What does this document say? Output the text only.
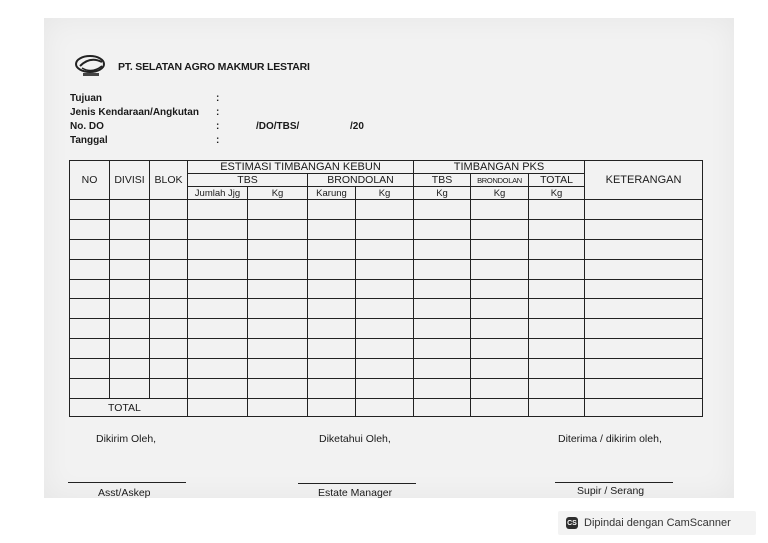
PT. SELATAN AGRO MAKMUR LESTARI
Tujuan	:
Jenis Kendaraan/Angkutan :
No. DO	:	/DO/TBS/	/20
Tanggal	:
NO	DIVISI	BLOK	ESTIMASI TIMBANGAN KEBUN				TIMBANGAN PKS			KETERANGAN
			TBS		BRONDOLAN		TBS	BRONDOLAN	TOTAL	
			Jumlah Jjg	Kg	Karung	Kg	Kg	Kg	Kg	

TOTAL										
Dikirim Oleh,	Diketahui Oleh,	Diterima / dikirim oleh,
Asst/Askep	Estate Manager	Supir / Serang
CS Dipindai dengan CamScanner
